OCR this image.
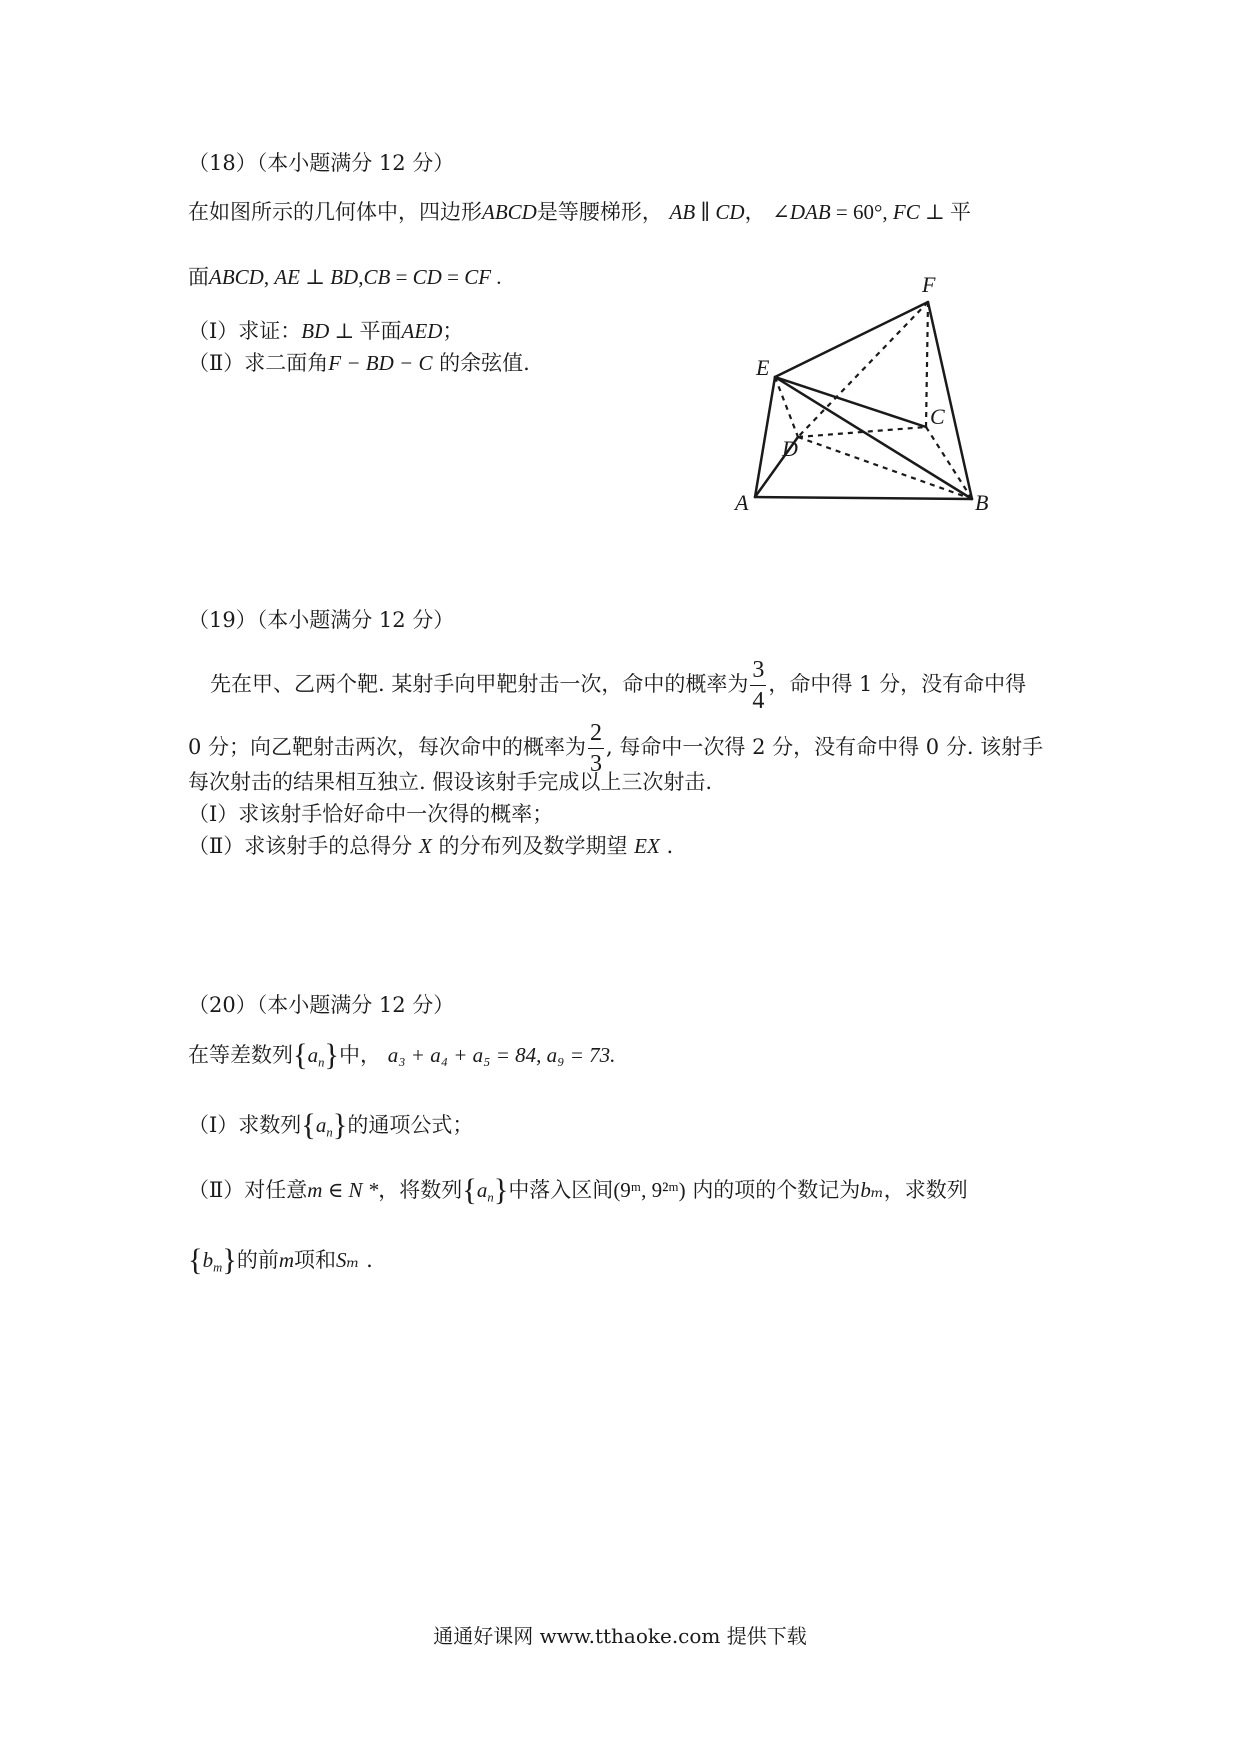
（18）（本小题满分 12 分）
在如图所示的几何体中，四边形ABCD是等腰梯形， AB ∥ CD， ∠DAB = 60°, FC ⊥ 平
面ABCD, AE ⊥ BD,CB = CD = CF .
（Ⅰ）求证：BD ⊥ 平面AED；
（Ⅱ）求二面角F − BD − C 的余弦值.
F
E
C
D
A	B
（19）（本小题满分 12 分）
先在甲、乙两个靶. 某射手向甲靶射击一次，命中的概率为 $\frac{3}{4}$ ，命中得 1 分，没有命中得
0 分；向乙靶射击两次，每次命中的概率为 $\frac{2}{3}$ , 每命中一次得 2 分，没有命中得 0 分. 该射手
每次射击的结果相互独立. 假设该射手完成以上三次射击.
（Ⅰ）求该射手恰好命中一次得的概率；
（Ⅱ）求该射手的总得分 X 的分布列及数学期望 EX .
（20）（本小题满分 12 分）
在等差数列$\{a_n\}$中， a₃ + a₄ + a₅ = 84, a₉ = 73.
（Ⅰ）求数列$\{a_n\}$的通项公式；
（Ⅱ）对任意m ∈ N *，将数列$\{a_n\}$中落入区间(9ᵐ, 9²ᵐ) 内的项的个数记为bₘ，求数列
$\{b_m\}$的前m项和Sₘ .
通通好课网 www.tthaoke.com 提供下载
